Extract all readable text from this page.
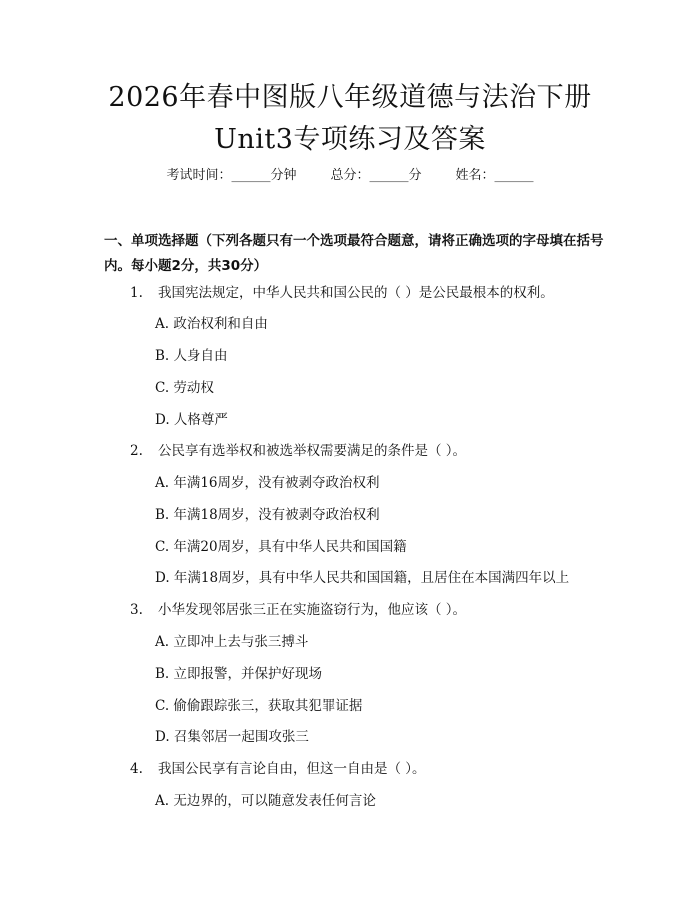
2026年春中图版八年级道德与法治下册
Unit3专项练习及答案
考试时间：______分钟	总分：______分	姓名：______
一、单项选择题（下列各题只有一个选项最符合题意，请将正确选项的字母填在括号内。每小题2分，共30分）
1. 我国宪法规定，中华人民共和国公民的（ ）是公民最根本的权利。
A. 政治权利和自由
B. 人身自由
C. 劳动权
D. 人格尊严
2. 公民享有选举权和被选举权需要满足的条件是（ ）。
A. 年满16周岁，没有被剥夺政治权利
B. 年满18周岁，没有被剥夺政治权利
C. 年满20周岁，具有中华人民共和国国籍
D. 年满18周岁，具有中华人民共和国国籍，且居住在本国满四年以上
3. 小华发现邻居张三正在实施盗窃行为，他应该（ ）。
A. 立即冲上去与张三搏斗
B. 立即报警，并保护好现场
C. 偷偷跟踪张三，获取其犯罪证据
D. 召集邻居一起围攻张三
4. 我国公民享有言论自由，但这一自由是（ ）。
A. 无边界的，可以随意发表任何言论
